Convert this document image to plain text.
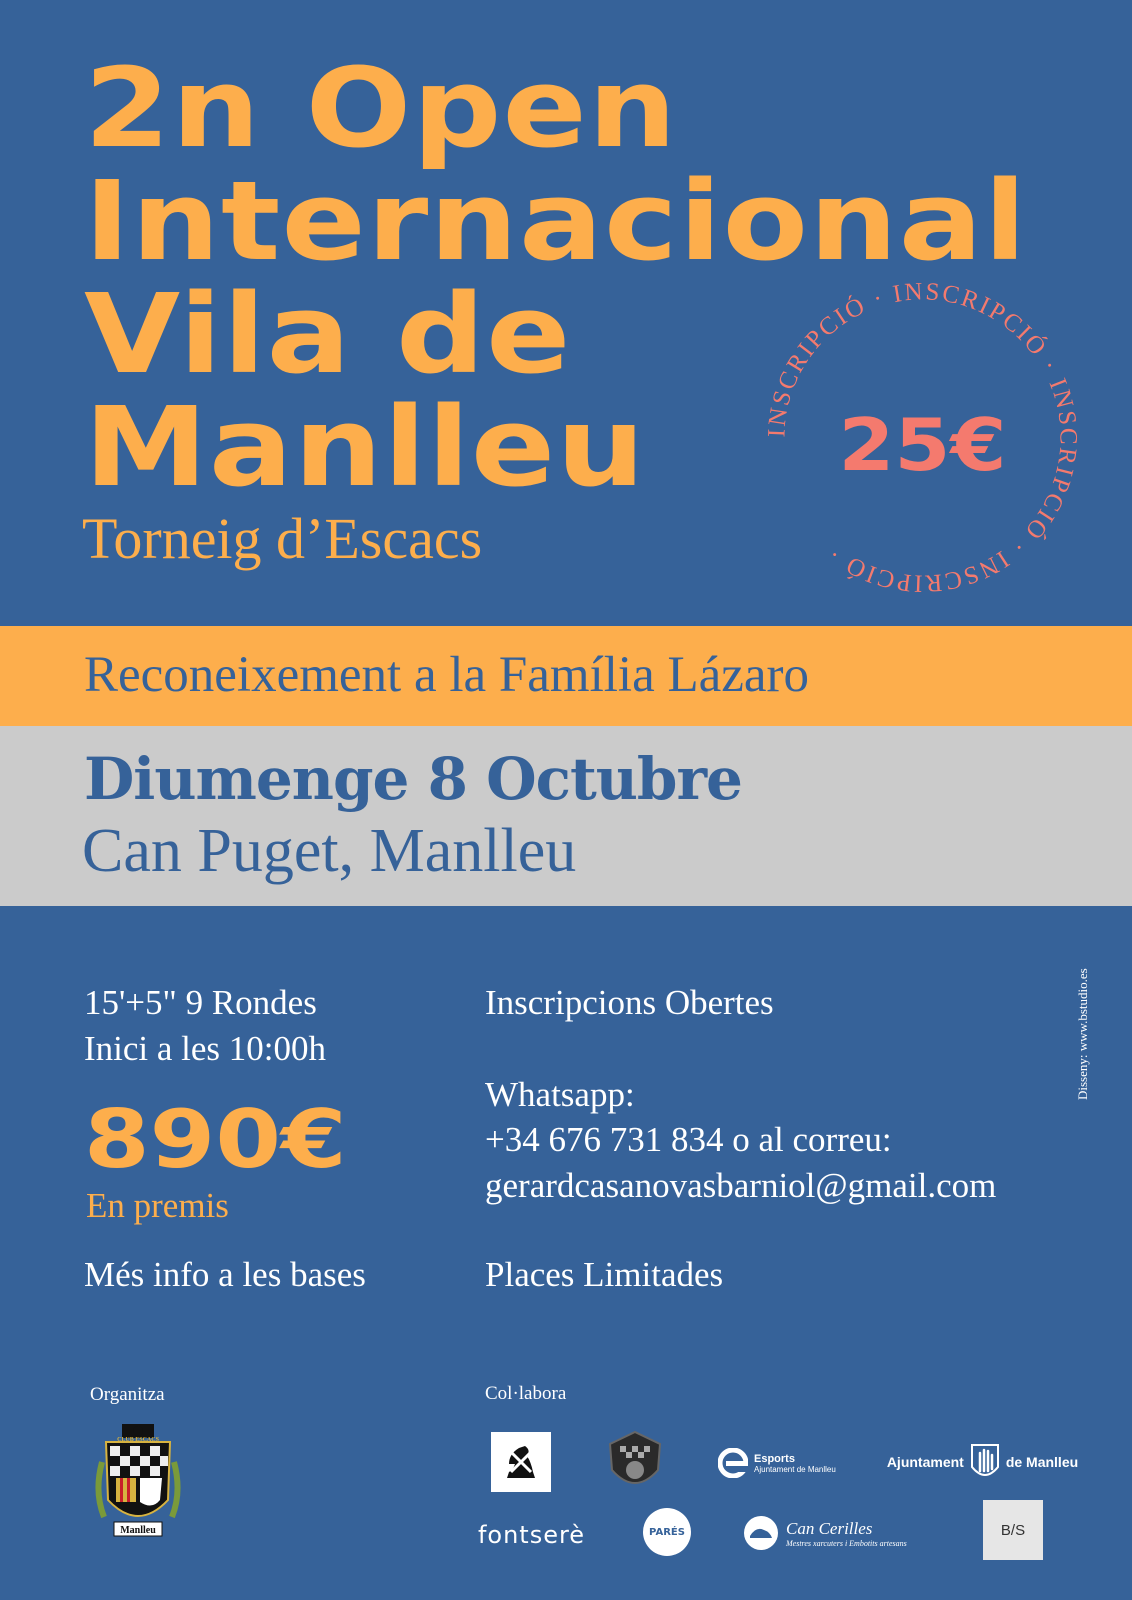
2n Open
Internacional
Vila de
Manlleu
Torneig d’Escacs
INSCRIPCIÓ · INSCRIPCIÓ · INSCRIPCIÓ · INSCRIPCIÓ ·
25€
Reconeixement a la Família Lázaro
Diumenge 8 Octubre
Can Puget, Manlleu
Disseny: www.bstudio.es
15'+5" 9 Rondes
Inici a les 10:00h
890€
En premis
Més info a les bases
Inscripcions Obertes
Whatsapp:
+34 676 731 834 o al correu:
gerardcasanovasbarniol@gmail.com
Places Limitades
Organitza	Col·labora
Manlleu
CLUB ESCACS
Esports
Ajuntament de Manlleu	Ajuntament	de Manlleu
fontserè	PARÉS	Can Cerilles
Mestres xarcuters i Embotits artesans
B/S
